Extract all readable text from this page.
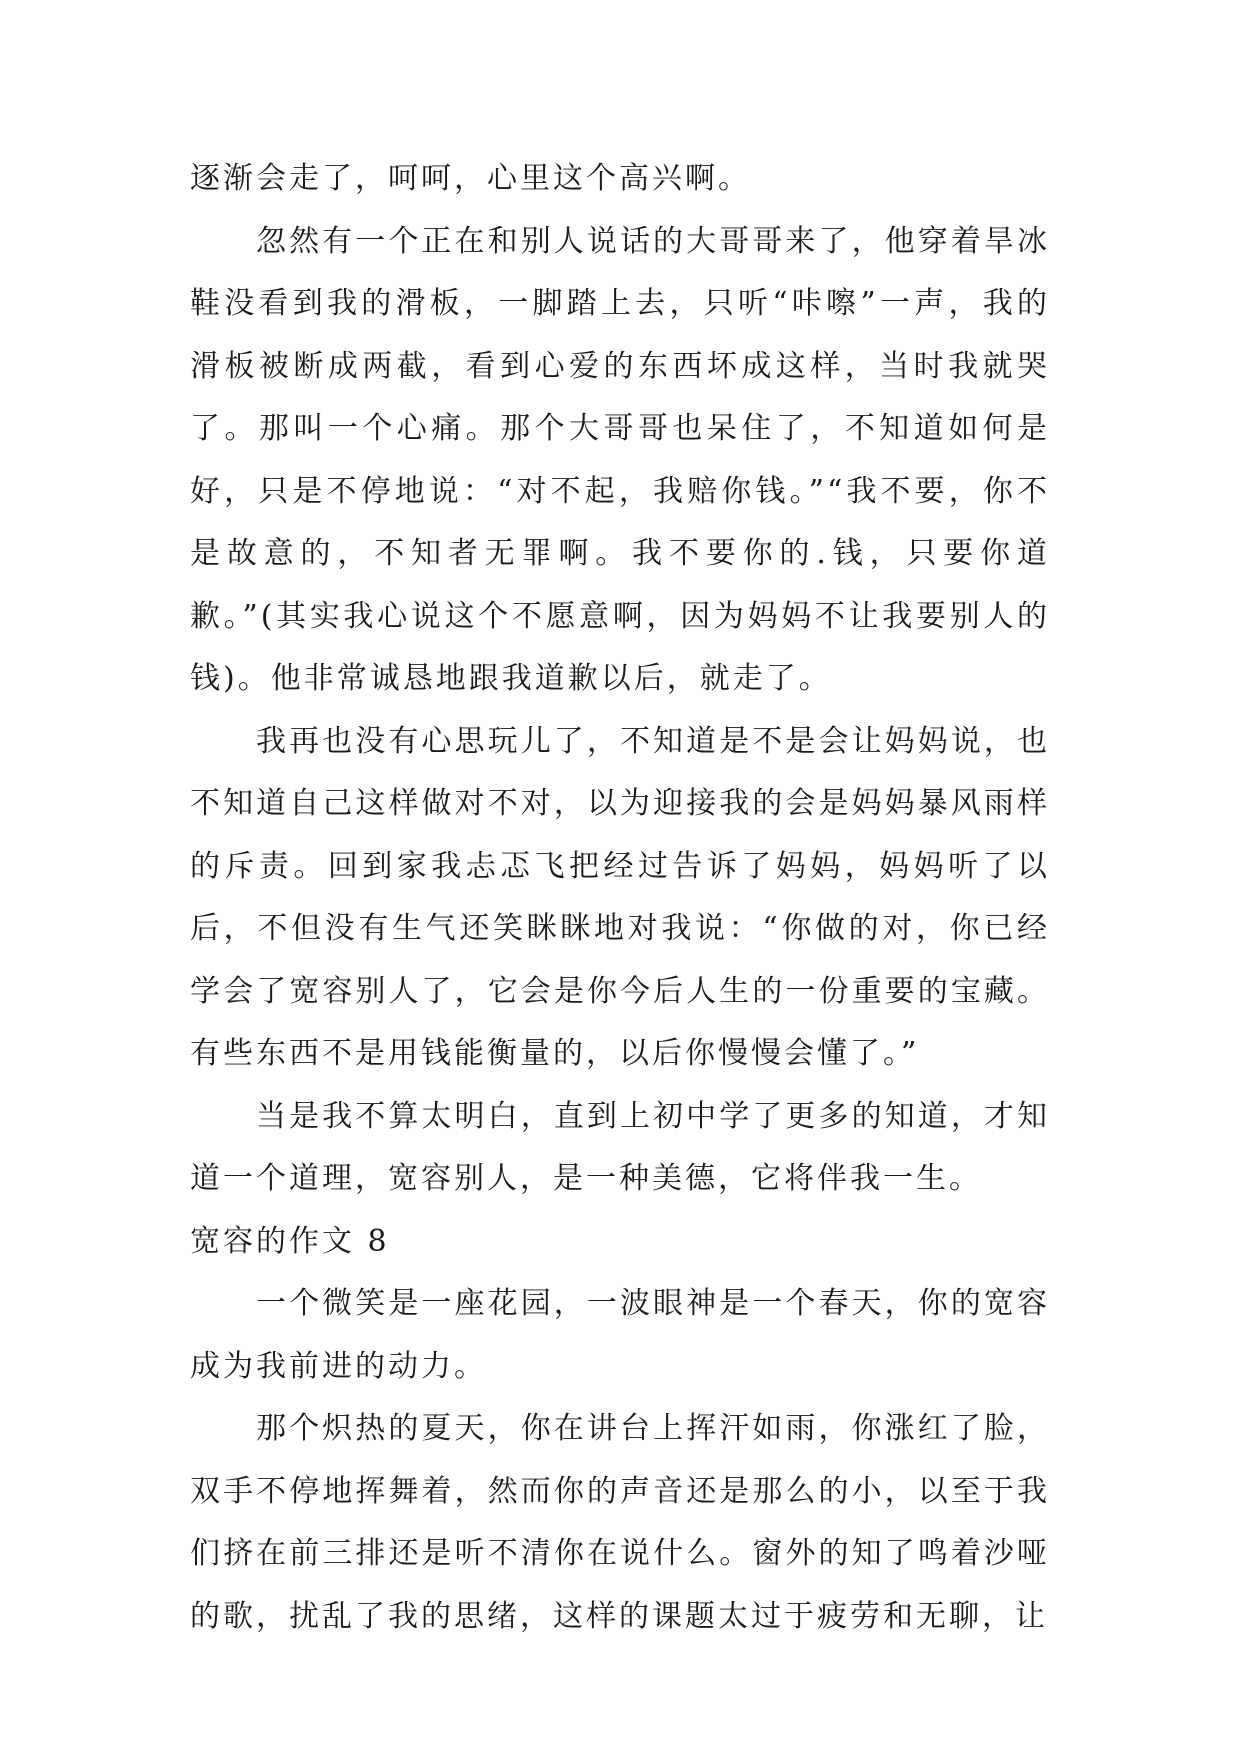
逐渐会走了，呵呵，心里这个高兴啊。

忽然有一个正在和别人说话的大哥哥来了，他穿着旱冰鞋没看到我的滑板，一脚踏上去，只听“咔嚓”一声，我的滑板被断成两截，看到心爱的东西坏成这样，当时我就哭了。那叫一个心痛。那个大哥哥也呆住了，不知道如何是好，只是不停地说：“对不起，我赔你钱。”“我不要，你不是故意的，不知者无罪啊。我不要你的.钱，只要你道歉。”(其实我心说这个不愿意啊，因为妈妈不让我要别人的钱)。他非常诚恳地跟我道歉以后，就走了。

我再也没有心思玩儿了，不知道是不是会让妈妈说，也不知道自己这样做对不对，以为迎接我的会是妈妈暴风雨样的斥责。回到家我忐忑飞把经过告诉了妈妈，妈妈听了以后，不但没有生气还笑眯眯地对我说：“你做的对，你已经学会了宽容别人了，它会是你今后人生的一份重要的宝藏。有些东西不是用钱能衡量的，以后你慢慢会懂了。”

当是我不算太明白，直到上初中学了更多的知道，才知道一个道理，宽容别人，是一种美德，它将伴我一生。

宽容的作文 8

一个微笑是一座花园，一波眼神是一个春天，你的宽容成为我前进的动力。

那个炽热的夏天，你在讲台上挥汗如雨，你涨红了脸，双手不停地挥舞着，然而你的声音还是那么的小，以至于我们挤在前三排还是听不清你在说什么。窗外的知了鸣着沙哑的歌，扰乱了我的思绪，这样的课题太过于疲劳和无聊，让
